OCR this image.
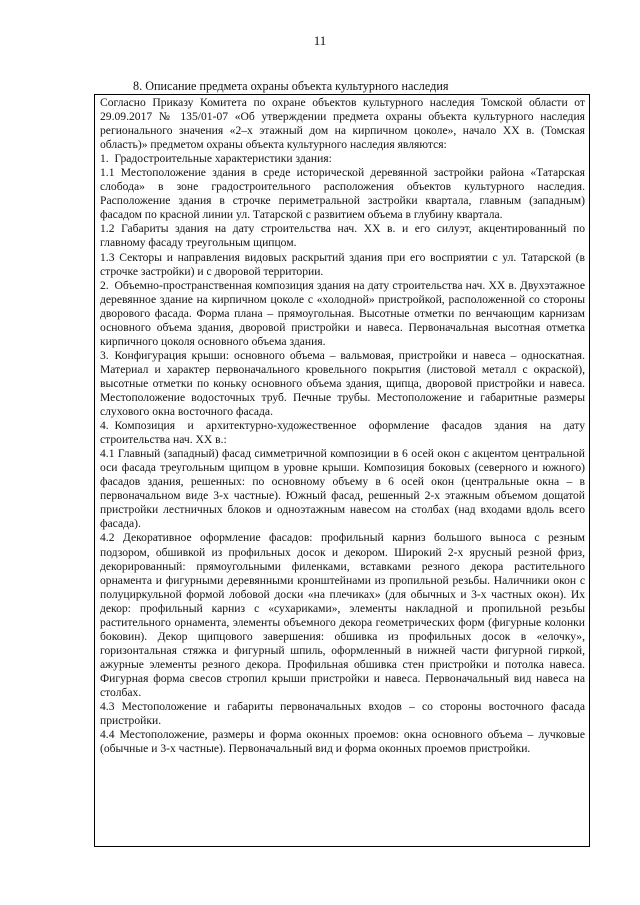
11
8. Описание предмета охраны объекта культурного наследия

Согласно Приказу Комитета по охране объектов культурного наследия Томской области от 29.09.2017 № 135/01-07 «Об утверждении предмета охраны объекта культурного наследия регионального значения «2–х этажный дом на кирпичном цоколе», начало ХХ в. (Томская область)» предметом охраны объекта культурного наследия являются:

1. Градостроительные характеристики здания:

1.1 Местоположение здания в среде исторической деревянной застройки района «Татарская слобода» в зоне градостроительного расположения объектов культурного наследия. Расположение здания в строчке периметральной застройки квартала, главным (западным) фасадом по красной линии ул. Татарской с развитием объема в глубину квартала.

1.2 Габариты здания на дату строительства нач. ХХ в. и его силуэт, акцентированный по главному фасаду треугольным щипцом.

1.3 Секторы и направления видовых раскрытий здания при его восприятии с ул. Татарской (в строчке застройки) и с дворовой территории.

2. Объемно-пространственная композиция здания на дату строительства нач. ХХ в. Двухэтажное деревянное здание на кирпичном цоколе с «холодной» пристройкой, расположенной со стороны дворового фасада. Форма плана – прямоугольная. Высотные отметки по венчающим карнизам основного объема здания, дворовой пристройки и навеса. Первоначальная высотная отметка кирпичного цоколя основного объема здания.

3. Конфигурация крыши: основного объема – вальмовая, пристройки и навеса – односкатная. Материал и характер первоначального кровельного покрытия (листовой металл с окраской), высотные отметки по коньку основного объема здания, щипца, дворовой пристройки и навеса. Местоположение водосточных труб. Печные трубы. Местоположение и габаритные размеры слухового окна восточного фасада.

4. Композиция и архитектурно-художественное оформление фасадов здания на дату строительства нач. ХХ в.:

4.1 Главный (западный) фасад симметричной композиции в 6 осей окон с акцентом центральной оси фасада треугольным щипцом в уровне крыши. Композиция боковых (северного и южного) фасадов здания, решенных: по основному объему в 6 осей окон (центральные окна – в первоначальном виде 3-х частные). Южный фасад, решенный 2-х этажным объемом дощатой пристройки лестничных блоков и одноэтажным навесом на столбах (над входами вдоль всего фасада).

4.2 Декоративное оформление фасадов: профильный карниз большого выноса с резным подзором, обшивкой из профильных досок и декором. Широкий 2-х ярусный резной фриз, декорированный: прямоугольными филенками, вставками резного декора растительного орнамента и фигурными деревянными кронштейнами из пропильной резьбы. Наличники окон с полуциркульной формой лобовой доски «на плечиках» (для обычных и 3-х частных окон). Их декор: профильный карниз с «сухариками», элементы накладной и пропильной резьбы растительного орнамента, элементы объемного декора геометрических форм (фигурные колонки боковин). Декор щипцового завершения: обшивка из профильных досок в «елочку», горизонтальная стяжка и фигурный шпиль, оформленный в нижней части фигурной гиркой, ажурные элементы резного декора. Профильная обшивка стен пристройки и потолка навеса. Фигурная форма свесов стропил крыши пристройки и навеса. Первоначальный вид навеса на столбах.

4.3 Местоположение и габариты первоначальных входов – со стороны восточного фасада пристройки.

4.4 Местоположение, размеры и форма оконных проемов: окна основного объема – лучковые (обычные и 3-х частные). Первоначальный вид и форма оконных проемов пристройки.
